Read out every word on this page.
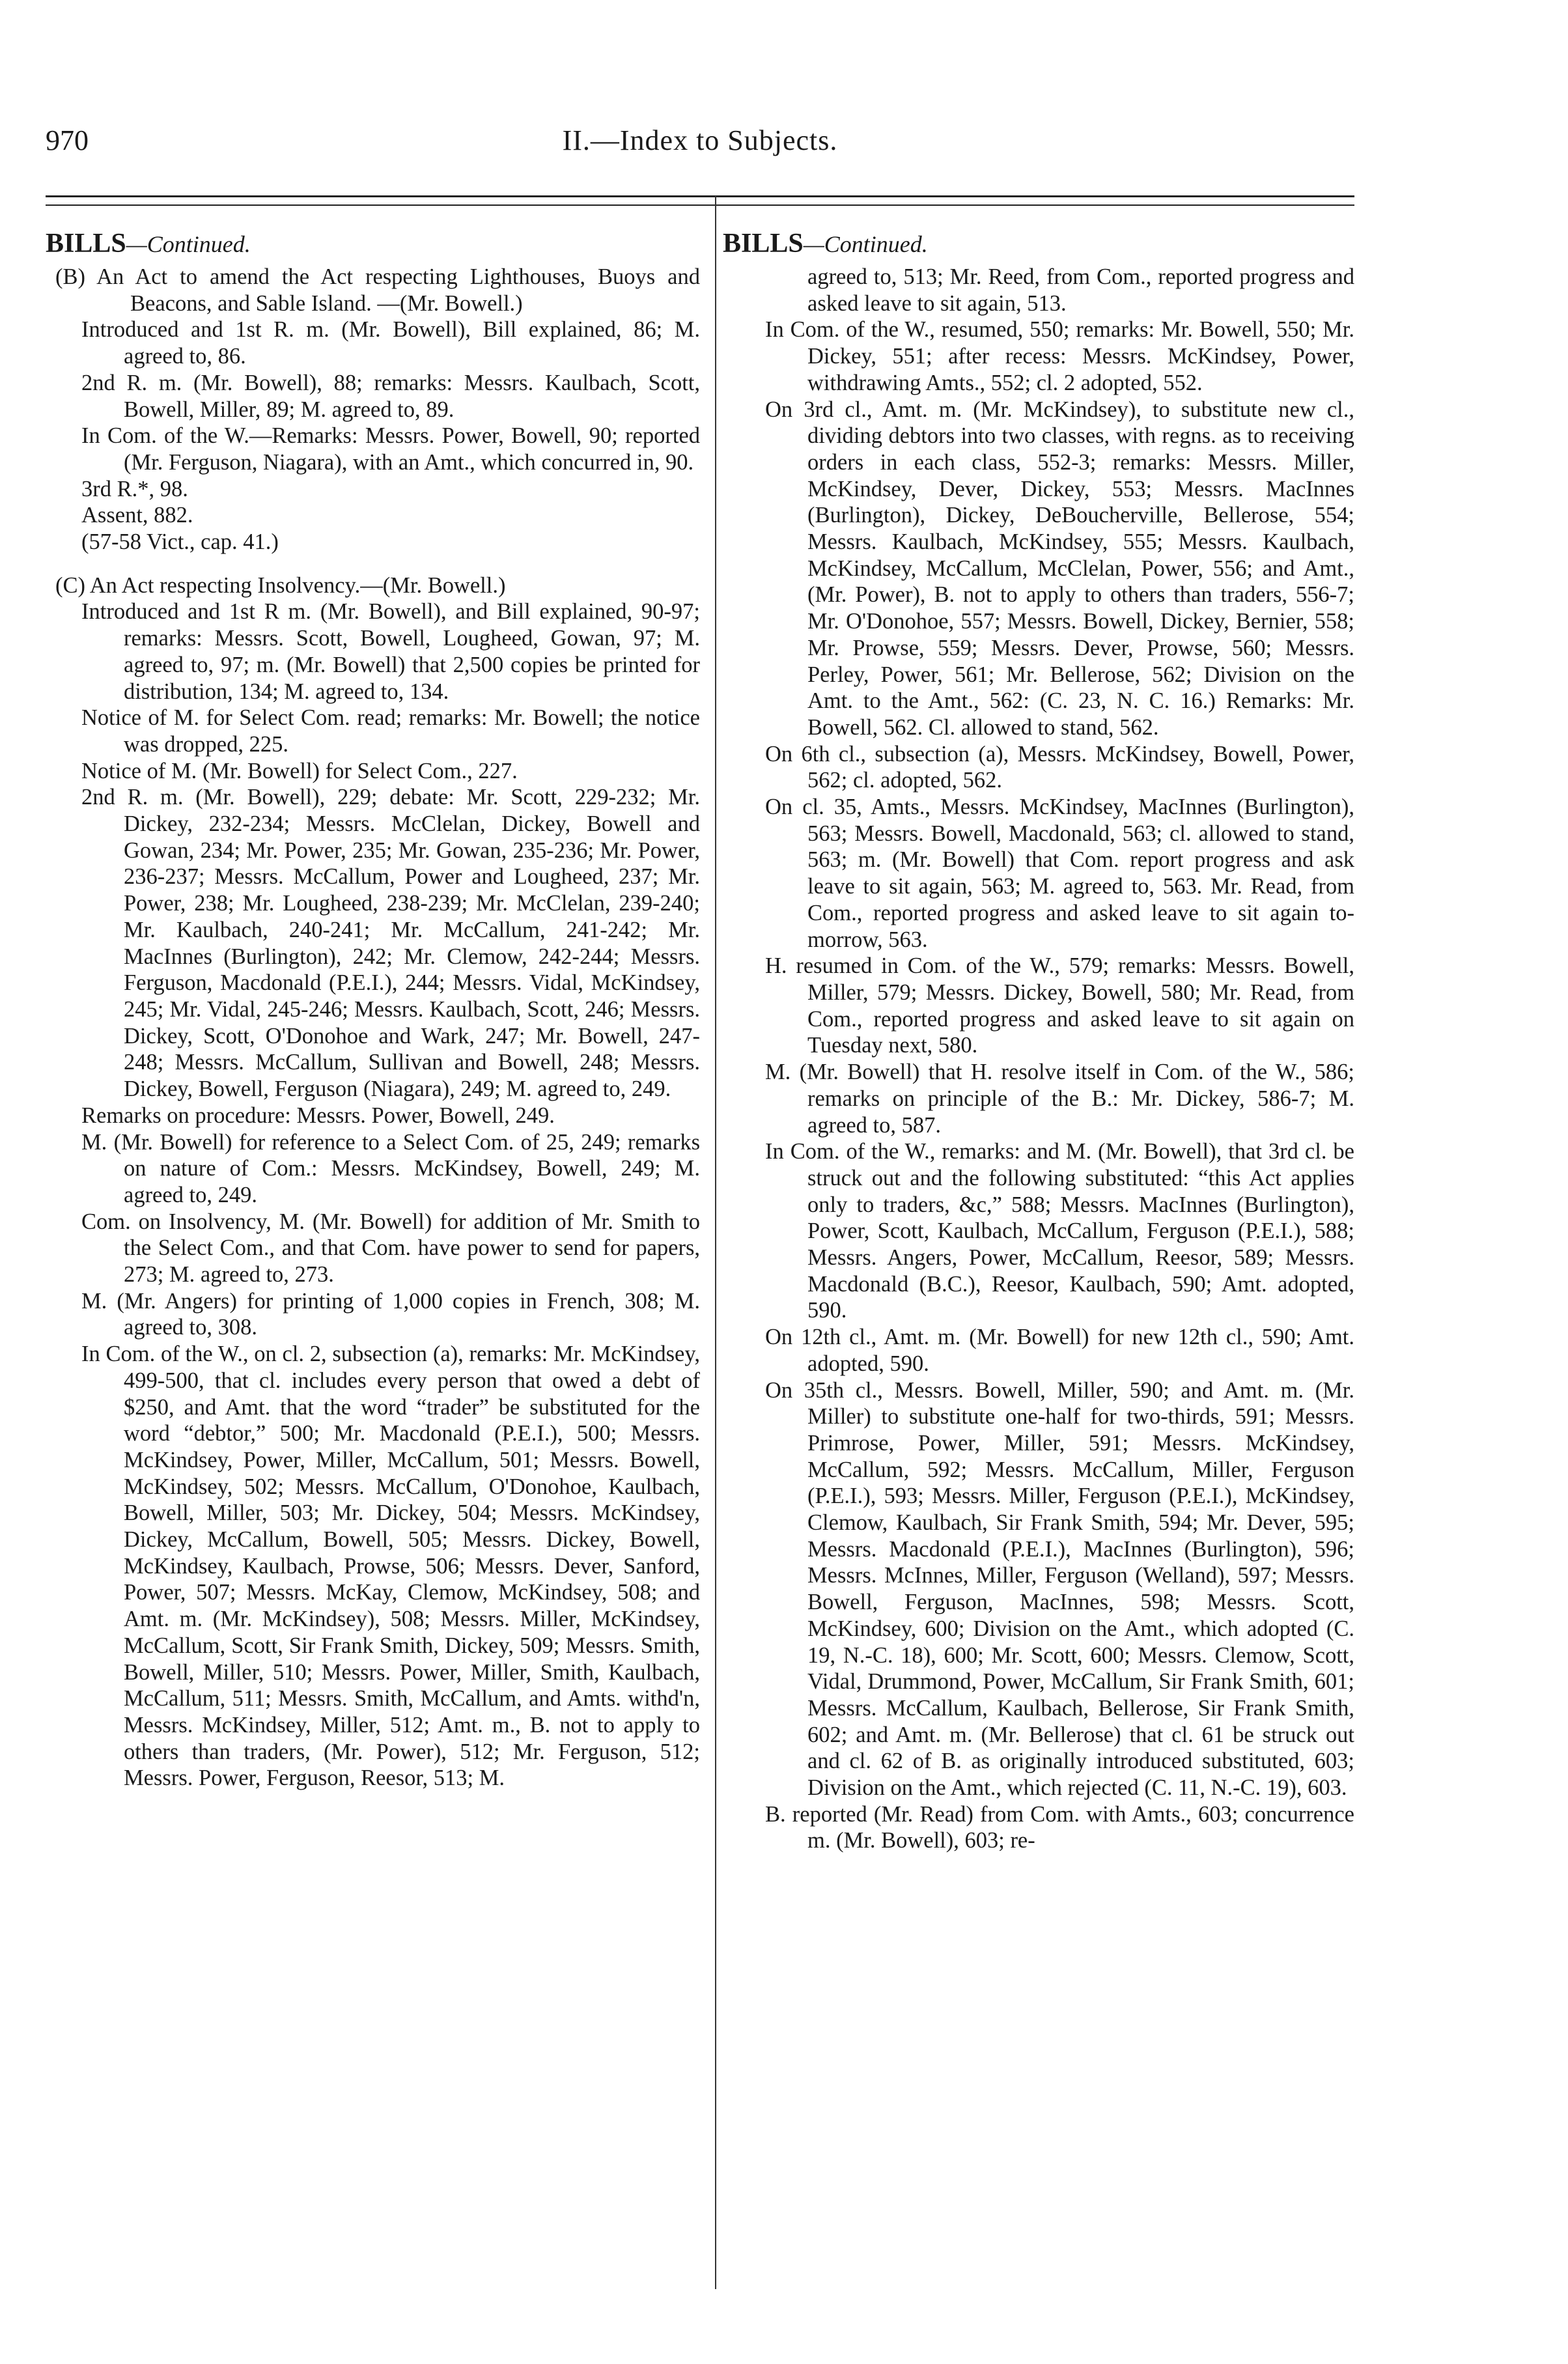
970	II.—Index to Subjects.
BILLS—Continued.

(B) An Act to amend the Act respecting Lighthouses, Buoys and Beacons, and Sable Island. —(Mr. Bowell.)

Introduced and 1st R. m. (Mr. Bowell), Bill explained, 86; M. agreed to, 86.

2nd R. m. (Mr. Bowell), 88; remarks: Messrs. Kaulbach, Scott, Bowell, Miller, 89; M. agreed to, 89.

In Com. of the W.—Remarks: Messrs. Power, Bowell, 90; reported (Mr. Ferguson, Niagara), with an Amt., which concurred in, 90.

3rd R.*, 98.

Assent, 882.

(57-58 Vict., cap. 41.)

(C) An Act respecting Insolvency.—(Mr. Bowell.)

Introduced and 1st R m. (Mr. Bowell), and Bill explained, 90-97; remarks: Messrs. Scott, Bowell, Lougheed, Gowan, 97; M. agreed to, 97; m. (Mr. Bowell) that 2,500 copies be printed for distribution, 134; M. agreed to, 134.

Notice of M. for Select Com. read; remarks: Mr. Bowell; the notice was dropped, 225.

Notice of M. (Mr. Bowell) for Select Com., 227.

2nd R. m. (Mr. Bowell), 229; debate: Mr. Scott, 229-232; Mr. Dickey, 232-234; Messrs. McClelan, Dickey, Bowell and Gowan, 234; Mr. Power, 235; Mr. Gowan, 235-236; Mr. Power, 236-237; Messrs. McCallum, Power and Lougheed, 237; Mr. Power, 238; Mr. Lougheed, 238-239; Mr. McClelan, 239-240; Mr. Kaulbach, 240-241; Mr. McCallum, 241-242; Mr. MacInnes (Burlington), 242; Mr. Clemow, 242-244; Messrs. Ferguson, Macdonald (P.E.I.), 244; Messrs. Vidal, McKindsey, 245; Mr. Vidal, 245-246; Messrs. Kaulbach, Scott, 246; Messrs. Dickey, Scott, O'Donohoe and Wark, 247; Mr. Bowell, 247-248; Messrs. McCallum, Sullivan and Bowell, 248; Messrs. Dickey, Bowell, Ferguson (Niagara), 249; M. agreed to, 249.

Remarks on procedure: Messrs. Power, Bowell, 249.

M. (Mr. Bowell) for reference to a Select Com. of 25, 249; remarks on nature of Com.: Messrs. McKindsey, Bowell, 249; M. agreed to, 249.

Com. on Insolvency, M. (Mr. Bowell) for addition of Mr. Smith to the Select Com., and that Com. have power to send for papers, 273; M. agreed to, 273.

M. (Mr. Angers) for printing of 1,000 copies in French, 308; M. agreed to, 308.

In Com. of the W., on cl. 2, subsection (a), remarks: Mr. McKindsey, 499-500, that cl. includes every person that owed a debt of $250, and Amt. that the word “trader” be substituted for the word “debtor,” 500; Mr. Macdonald (P.E.I.), 500; Messrs. McKindsey, Power, Miller, McCallum, 501; Messrs. Bowell, McKindsey, 502; Messrs. McCallum, O'Donohoe, Kaulbach, Bowell, Miller, 503; Mr. Dickey, 504; Messrs. McKindsey, Dickey, McCallum, Bowell, 505; Messrs. Dickey, Bowell, McKindsey, Kaulbach, Prowse, 506; Messrs. Dever, Sanford, Power, 507; Messrs. McKay, Clemow, McKindsey, 508; and Amt. m. (Mr. McKindsey), 508; Messrs. Miller, McKindsey, McCallum, Scott, Sir Frank Smith, Dickey, 509; Messrs. Smith, Bowell, Miller, 510; Messrs. Power, Miller, Smith, Kaulbach, McCallum, 511; Messrs. Smith, McCallum, and Amts. withd'n, Messrs. McKindsey, Miller, 512; Amt. m., B. not to apply to others than traders, (Mr. Power), 512; Mr. Ferguson, 512; Messrs. Power, Ferguson, Reesor, 513; M.

BILLS—Continued.

agreed to, 513; Mr. Reed, from Com., reported progress and asked leave to sit again, 513.

In Com. of the W., resumed, 550; remarks: Mr. Bowell, 550; Mr. Dickey, 551; after recess: Messrs. McKindsey, Power, withdrawing Amts., 552; cl. 2 adopted, 552.

On 3rd cl., Amt. m. (Mr. McKindsey), to substitute new cl., dividing debtors into two classes, with regns. as to receiving orders in each class, 552-3; remarks: Messrs. Miller, McKindsey, Dever, Dickey, 553; Messrs. MacInnes (Burlington), Dickey, DeBoucherville, Bellerose, 554; Messrs. Kaulbach, McKindsey, 555; Messrs. Kaulbach, McKindsey, McCallum, McClelan, Power, 556; and Amt., (Mr. Power), B. not to apply to others than traders, 556-7; Mr. O'Donohoe, 557; Messrs. Bowell, Dickey, Bernier, 558; Mr. Prowse, 559; Messrs. Dever, Prowse, 560; Messrs. Perley, Power, 561; Mr. Bellerose, 562; Division on the Amt. to the Amt., 562: (C. 23, N. C. 16.) Remarks: Mr. Bowell, 562. Cl. allowed to stand, 562.

On 6th cl., subsection (a), Messrs. McKindsey, Bowell, Power, 562; cl. adopted, 562.

On cl. 35, Amts., Messrs. McKindsey, MacInnes (Burlington), 563; Messrs. Bowell, Macdonald, 563; cl. allowed to stand, 563; m. (Mr. Bowell) that Com. report progress and ask leave to sit again, 563; M. agreed to, 563. Mr. Read, from Com., reported progress and asked leave to sit again to-morrow, 563.

H. resumed in Com. of the W., 579; remarks: Messrs. Bowell, Miller, 579; Messrs. Dickey, Bowell, 580; Mr. Read, from Com., reported progress and asked leave to sit again on Tuesday next, 580.

M. (Mr. Bowell) that H. resolve itself in Com. of the W., 586; remarks on principle of the B.: Mr. Dickey, 586-7; M. agreed to, 587.

In Com. of the W., remarks: and M. (Mr. Bowell), that 3rd cl. be struck out and the following substituted: “this Act applies only to traders, &c,” 588; Messrs. MacInnes (Burlington), Power, Scott, Kaulbach, McCallum, Ferguson (P.E.I.), 588; Messrs. Angers, Power, McCallum, Reesor, 589; Messrs. Macdonald (B.C.), Reesor, Kaulbach, 590; Amt. adopted, 590.

On 12th cl., Amt. m. (Mr. Bowell) for new 12th cl., 590; Amt. adopted, 590.

On 35th cl., Messrs. Bowell, Miller, 590; and Amt. m. (Mr. Miller) to substitute one-half for two-thirds, 591; Messrs. Primrose, Power, Miller, 591; Messrs. McKindsey, McCallum, 592; Messrs. McCallum, Miller, Ferguson (P.E.I.), 593; Messrs. Miller, Ferguson (P.E.I.), McKindsey, Clemow, Kaulbach, Sir Frank Smith, 594; Mr. Dever, 595; Messrs. Macdonald (P.E.I.), MacInnes (Burlington), 596; Messrs. McInnes, Miller, Ferguson (Welland), 597; Messrs. Bowell, Ferguson, MacInnes, 598; Messrs. Scott, McKindsey, 600; Division on the Amt., which adopted (C. 19, N.-C. 18), 600; Mr. Scott, 600; Messrs. Clemow, Scott, Vidal, Drummond, Power, McCallum, Sir Frank Smith, 601; Messrs. McCallum, Kaulbach, Bellerose, Sir Frank Smith, 602; and Amt. m. (Mr. Bellerose) that cl. 61 be struck out and cl. 62 of B. as originally introduced substituted, 603; Division on the Amt., which rejected (C. 11, N.-C. 19), 603.

B. reported (Mr. Read) from Com. with Amts., 603; concurrence m. (Mr. Bowell), 603; re-
